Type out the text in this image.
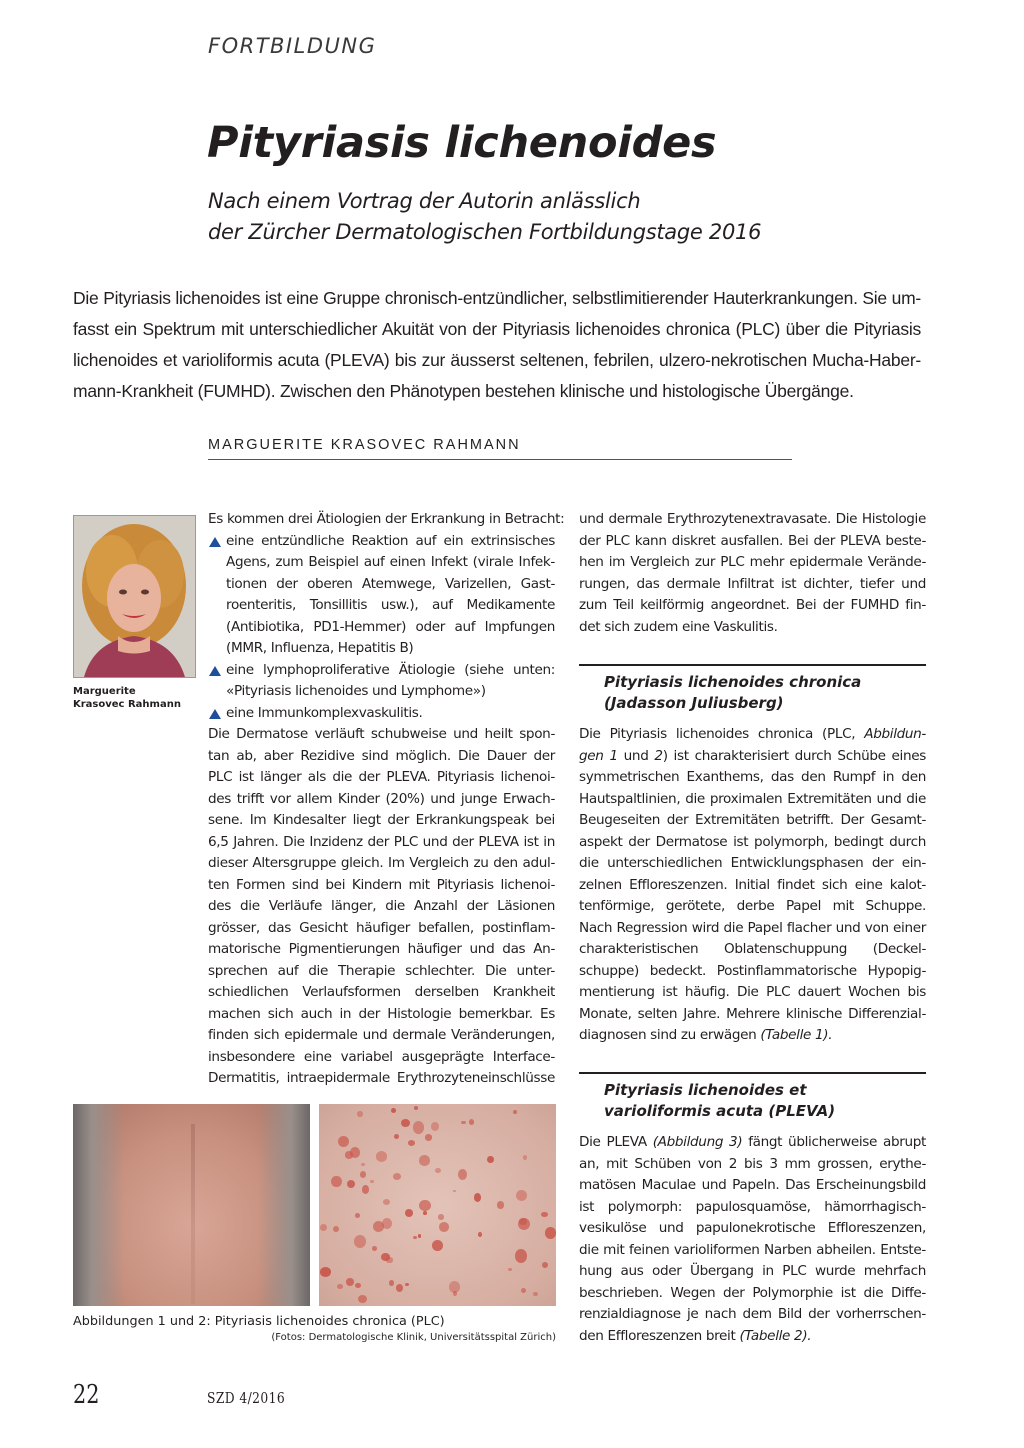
FORTBILDUNG
Pityriasis lichenoides
Nach einem Vortrag der Autorin anlässlich
der Zürcher Dermatologischen Fortbildungstage 2016
Die Pityriasis lichenoides ist eine Gruppe chronisch-entzündlicher, selbstlimitierender Hauterkrankungen. Sie um-
fasst ein Spektrum mit unterschiedlicher Akuität von der Pityriasis lichenoides chronica (PLC) über die Pityriasis
lichenoides et varioliformis acuta (PLEVA) bis zur äusserst seltenen, febrilen, ulzero-nekrotischen Mucha-Haber-
mann-Krankheit (FUMHD). Zwischen den Phänotypen bestehen klinische und histologische Übergänge.
MARGUERITE KRASOVEC RAHMANN
Marguerite
Krasovec Rahmann
Es kommen drei Ätiologien der Erkrankung in Betracht:
eine entzündliche Reaktion auf ein extrinsisches
Agens, zum Beispiel auf einen Infekt (virale Infek-
tionen der oberen Atemwege, Varizellen, Gast-
roenteritis, Tonsillitis usw.), auf Medikamente
(Antibiotika, PD1-Hemmer) oder auf Impfungen
(MMR, Influenza, Hepatitis B)
eine lymphoproliferative Ätiologie (siehe unten:
«Pityriasis lichenoides und Lymphome»)
eine Immunkomplexvaskulitis.
Die Dermatose verläuft schubweise und heilt spon-
tan ab, aber Rezidive sind möglich. Die Dauer der
PLC ist länger als die der PLEVA. Pityriasis lichenoi-
des trifft vor allem Kinder (20%) und junge Erwach-
sene. Im Kindesalter liegt der Erkrankungspeak bei
6,5 Jahren. Die Inzidenz der PLC und der PLEVA ist in
dieser Altersgruppe gleich. Im Vergleich zu den adul-
ten Formen sind bei Kindern mit Pityriasis lichenoi-
des die Verläufe länger, die Anzahl der Läsionen
grösser, das Gesicht häufiger befallen, postinflam-
matorische Pigmentierungen häufiger und das An-
sprechen auf die Therapie schlechter. Die unter-
schiedlichen Verlaufsformen derselben Krankheit
machen sich auch in der Histologie bemerkbar. Es
finden sich epidermale und dermale Veränderungen,
insbesondere eine variabel ausgeprägte Interface-
Dermatitis, intraepidermale Erythrozyteneinschlüsse
und dermale Erythrozytenextravasate. Die Histologie
der PLC kann diskret ausfallen. Bei der PLEVA beste-
hen im Vergleich zur PLC mehr epidermale Verände-
rungen, das dermale Infiltrat ist dichter, tiefer und
zum Teil keilförmig angeordnet. Bei der FUMHD fin-
det sich zudem eine Vaskulitis.
Pityriasis lichenoides chronica
(Jadasson Juliusberg)
Die Pityriasis lichenoides chronica (PLC, Abbildun-
gen 1 und 2) ist charakterisiert durch Schübe eines
symmetrischen Exanthems, das den Rumpf in den
Hautspaltlinien, die proximalen Extremitäten und die
Beugeseiten der Extremitäten betrifft. Der Gesamt-
aspekt der Dermatose ist polymorph, bedingt durch
die unterschiedlichen Entwicklungsphasen der ein-
zelnen Effloreszenzen. Initial findet sich eine kalot-
tenförmige, gerötete, derbe Papel mit Schuppe.
Nach Regression wird die Papel flacher und von einer
charakteristischen Oblatenschuppung (Deckel-
schuppe) bedeckt. Postinflammatorische Hypopig-
mentierung ist häufig. Die PLC dauert Wochen bis
Monate, selten Jahre. Mehrere klinische Differenzial-
diagnosen sind zu erwägen (Tabelle 1).
Pityriasis lichenoides et
varioliformis acuta (PLEVA)
Die PLEVA (Abbildung 3) fängt üblicherweise abrupt
an, mit Schüben von 2 bis 3 mm grossen, erythe-
matösen Maculae und Papeln. Das Erscheinungsbild
ist polymorph: papulosquamöse, hämorrhagisch-
vesikulöse und papulonekrotische Effloreszenzen,
die mit feinen varioliformen Narben abheilen. Entste-
hung aus oder Übergang in PLC wurde mehrfach
beschrieben. Wegen der Polymorphie ist die Diffe-
renzialdiagnose je nach dem Bild der vorherrschen-
den Effloreszenzen breit (Tabelle 2).
Abbildungen 1 und 2: Pityriasis lichenoides chronica (PLC)
(Fotos: Dermatologische Klinik, Universitätsspital Zürich)
22	SZD 4/2016
